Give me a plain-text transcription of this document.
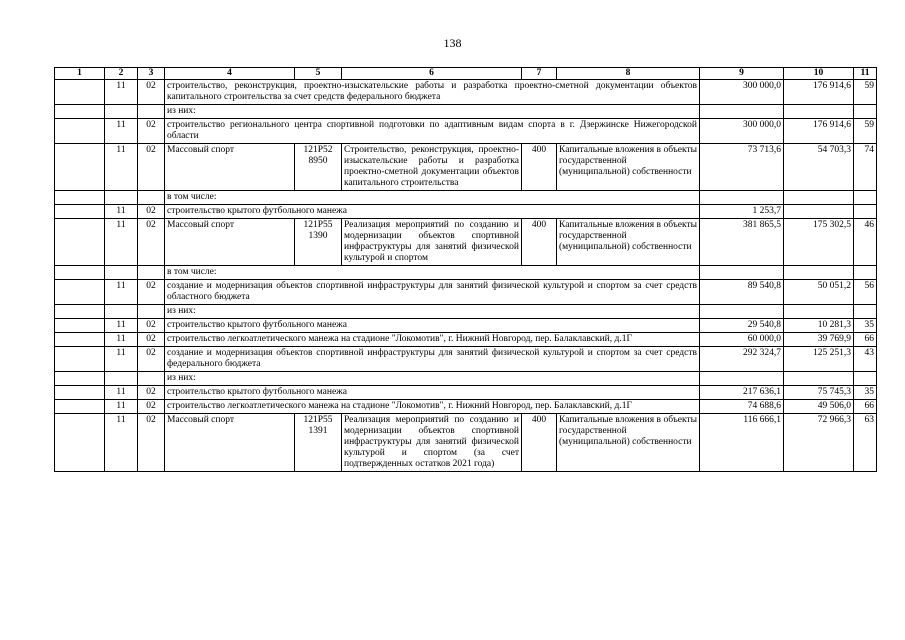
138
1	2	3	4	5	6	7	8	9	10	11
	11	02	строительство, реконструкция, проектно-изыскательские работы и разработка проектно-сметной документации объектов капитального строительства за счет средств федерального бюджета					300 000,0	176 914,6	59
			из них:							
	11	02	строительство регионального центра спортивной подготовки по адаптивным видам спорта в г. Дзержинске Нижегородской области					300 000,0	176 914,6	59
	11	02	Массовый спорт	121P52 8950	Строительство, реконструкция, проектно-изыскательские работы и разработка проектно-сметной документации объектов капитального строительства	400	Капитальные вложения в объекты государственной (муниципальной) собственности	73 713,6	54 703,3	74
			в том числе:							
	11	02	строительство крытого футбольного манежа					1 253,7		
	11	02	Массовый спорт	121P55 1390	Реализация мероприятий по созданию и модернизации объектов спортивной инфраструктуры для занятий физической культурой и спортом	400	Капитальные вложения в объекты государственной (муниципальной) собственности	381 865,5	175 302,5	46
			в том числе:							
	11	02	создание и модернизация объектов спортивной инфраструктуры для занятий физической культурой и спортом за счет средств областного бюджета					89 540,8	50 051,2	56
			из них:							
	11	02	строительство крытого футбольного манежа					29 540,8	10 281,3	35
	11	02	строительство легкоатлетического манежа на стадионе "Локомотив", г. Нижний Новгород, пер. Балаклавский, д.1Г					60 000,0	39 769,9	66
	11	02	создание и модернизация объектов спортивной инфраструктуры для занятий физической культурой и спортом за счет средств федерального бюджета					292 324,7	125 251,3	43
			из них:							
	11	02	строительство крытого футбольного манежа					217 636,1	75 745,3	35
	11	02	строительство легкоатлетического манежа на стадионе "Локомотив", г. Нижний Новгород, пер. Балаклавский, д.1Г					74 688,6	49 506,0	66
	11	02	Массовый спорт	121P55 1391	Реализация мероприятий по созданию и модернизации объектов спортивной инфраструктуры для занятий физической культурой и спортом (за счет подтвержденных остатков 2021 года)	400	Капитальные вложения в объекты государственной (муниципальной) собственности	116 666,1	72 966,3	63
